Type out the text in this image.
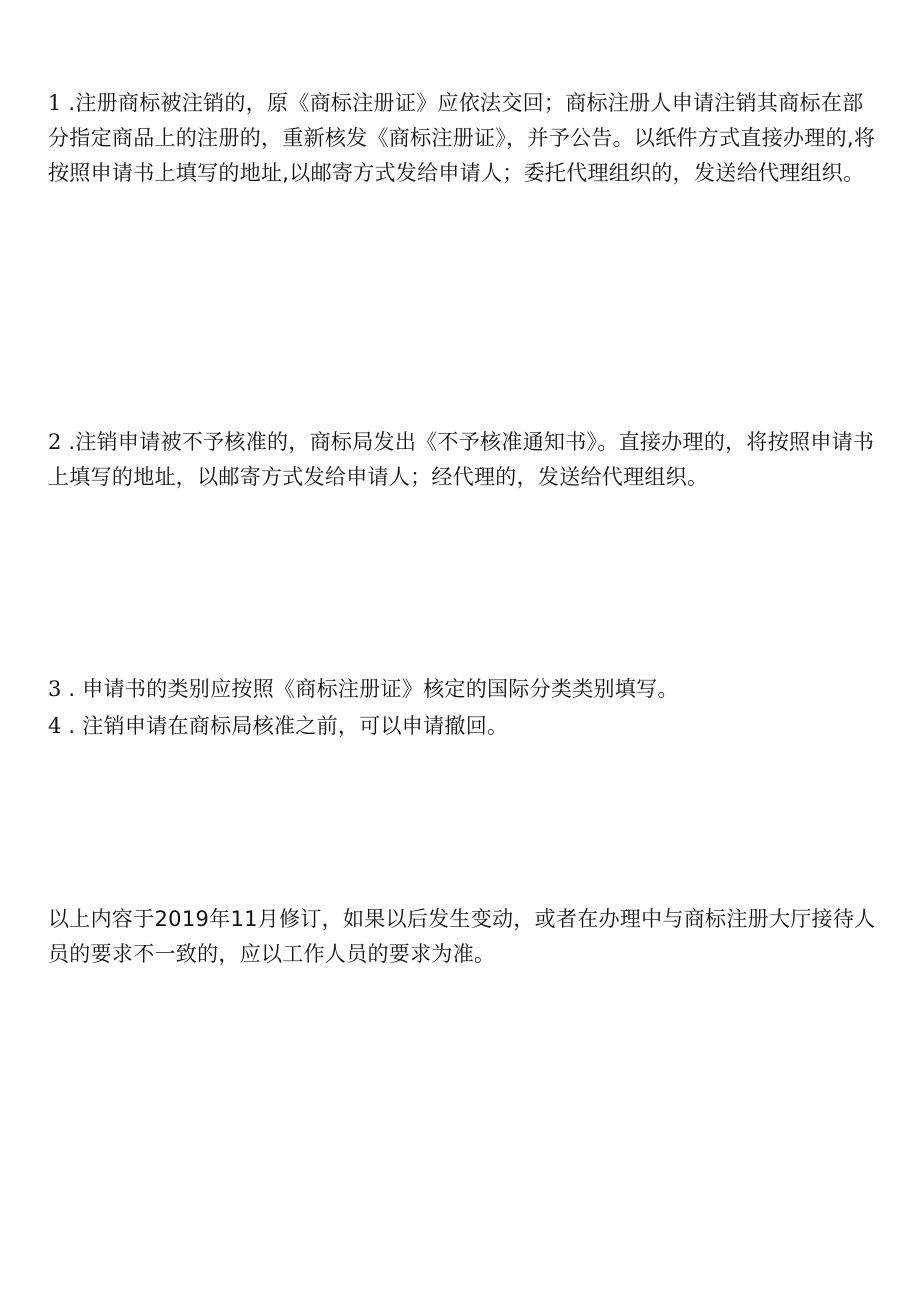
1 .注册商标被注销的，原《商标注册证》应依法交回；商标注册人申请注销其商标在部分指定商品上的注册的，重新核发《商标注册证》，并予公告。以纸件方式直接办理的,将按照申请书上填写的地址,以邮寄方式发给申请人；委托代理组织的，发送给代理组织。

2 .注销申请被不予核准的，商标局发出《不予核准通知书》。直接办理的，将按照申请书上填写的地址，以邮寄方式发给申请人；经代理的，发送给代理组织。

3 . 申请书的类别应按照《商标注册证》核定的国际分类类别填写。

4 . 注销申请在商标局核准之前，可以申请撤回。

以上内容于2019年11月修订，如果以后发生变动，或者在办理中与商标注册大厅接待人员的要求不一致的，应以工作人员的要求为准。
